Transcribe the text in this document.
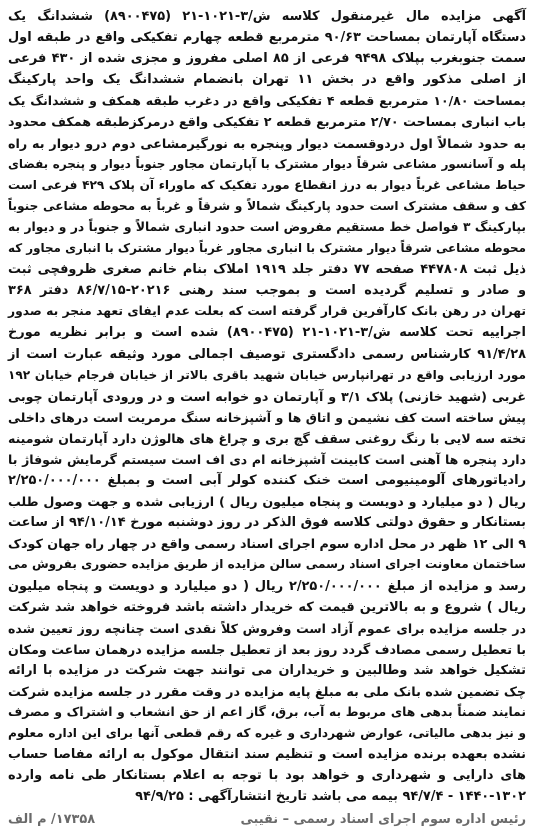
آگهی مزایده مال غیرمنقول کلاسه ش/۳-۱۰۲۱-۲۱ (۸۹۰۰۴۷۵) ششدانگ یک
دستگاه آپارتمان بمساحت ۹۰/۶۳ مترمربع قطعه چهارم تفکیکی واقع در طبقه اول
سمت جنوبغرب بپلاک ۹۴۹۸ فرعی از ۸۵ اصلی مفروز و مجزی شده از ۴۳۰ فرعی
از اصلی مذکور واقع در بخش ۱۱ تهران بانضمام ششدانگ یک واحد پارکینگ
بمساحت ۱۰/۸۰ مترمربع قطعه ۴ تفکیکی واقع در دغرب طبقه همکف و ششدانگ یک
باب انباری بمساحت ۲/۷۰ مترمربع قطعه ۲ تفکیکی واقع درمرکزطبقه همکف محدود
به حدود شمالاً اول دردوقسمت دیوار وپنجره به نورگیرمشاعی دوم درو دیوار به راه
پله و آسانسور مشاعی شرقاً دیوار مشترک با آپارتمان مجاور جنوباً دیوار و پنجره بفضای
حیاط مشاعی غرباً دیوار به درز انقطاع مورد تفکیک که ماوراء آن پلاک ۴۲۹ فرعی است
کف و سقف مشترک است حدود پارکینگ شمالاً و شرقاً و غرباً به محوطه مشاعی جنوباً
بپارکینگ ۳ فواصل خط مستقیم مفروض است حدود انباری شمالاً و جنوباً در و دیوار به
محوطه مشاعی شرقاً دیوار مشترک با انباری مجاور غرباً دیوار مشترک با انباری مجاور که
ذیل ثبت ۴۴۷۸۰۸ صفحه ۷۷ دفتر جلد ۱۹۱۹ املاک بنام خانم صغری ظروفچی ثبت
و صادر و تسلیم گردیده است و بموجب سند رهنی ۲۰۲۱۶-۸۶/۷/۱۵ دفتر ۳۶۸
تهران در رهن بانک کارآفرین قرار گرفته است که بعلت عدم ایفای تعهد منجر به صدور
اجراییه تحت کلاسه ش/۳-۱۰۲۱-۲۱ (۸۹۰۰۴۷۵) شده است و برابر نظریه مورخ
۹۱/۴/۲۸ کارشناس رسمی دادگستری توصیف اجمالی مورد وثیقه عبارت است از
مورد ارزیابی واقع در تهرانپارس خیابان شهید باقری بالاتر از خیابان فرجام خیابان ۱۹۲
غربی (شهید خازنی) پلاک ۳/۱ و آپارتمان دو خوابه است و در ورودی آپارتمان چوبی
پیش ساخته است کف نشیمن و اتاق ها و آشپزخانه سنگ مرمریت است درهای داخلی
تخته سه لایی با رنگ روغنی سقف گچ بری و چراغ های هالوژن دارد آپارتمان شومینه
دارد پنجره ها آهنی است کابینت آشپزخانه ام دی اف است سیستم گرمایش شوفاژ با
رادیاتورهای آلومینیومی است خنک کننده کولر آبی است و بمبلغ ۲/۲۵۰/۰۰۰/۰۰۰
ریال ( دو میلیارد و دویست و پنجاه میلیون ریال ) ارزیابی شده و جهت وصول طلب
بستانکار و حقوق دولتی کلاسه فوق الذکر در روز دوشنبه مورخ ۹۴/۱۰/۱۴ از ساعت
۹ الی ۱۲ ظهر در محل اداره سوم اجرای اسناد رسمی واقع در چهار راه جهان کودک
ساختمان معاونت اجرای اسناد رسمی سالن مزایده از طریق مزایده حضوری بفروش می
رسد و مزایده از مبلغ ۲/۲۵۰/۰۰۰/۰۰۰ ریال ( دو میلیارد و دویست و پنجاه میلیون
ریال ) شروع و به بالاترین قیمت که خریدار داشته باشد فروخته خواهد شد شرکت
در جلسه مزایده برای عموم آزاد است وفروش کلاً نقدی است چنانچه روز تعیین شده
با تعطیل رسمی مصادف گردد روز بعد از تعطیل جلسه مزایده درهمان ساعت ومکان
تشکیل خواهد شد وطالبین و خریداران می توانند جهت شرکت در مزایده با ارائه
چک تضمین شده بانک ملی به مبلغ پایه مزایده در وقت مقرر در جلسه مزایده شرکت
نمایند ضمناً بدهی های مربوط به آب، برق، گاز اعم از حق انشعاب و اشتراک و مصرف
و نیز بدهی مالیاتی، عوارض شهرداری و غیره که رقم قطعی آنها برای این اداره معلوم
نشده بعهده برنده مزایده است و تنظیم سند انتقال موکول به ارائه مفاصا حساب
های دارایی و شهرداری و خواهد بود با توجه به اعلام بستانکار طی نامه وارده
۱۴۴۰-۱۳۰۲ - ۹۴/۷/۴ بیمه می باشد تاریخ انتشارآگهی : ۹۴/۹/۲۵
رئیس اداره سوم اجرای اسناد رسمی – نقیبی
۱۷۳۵۸/ م الف
